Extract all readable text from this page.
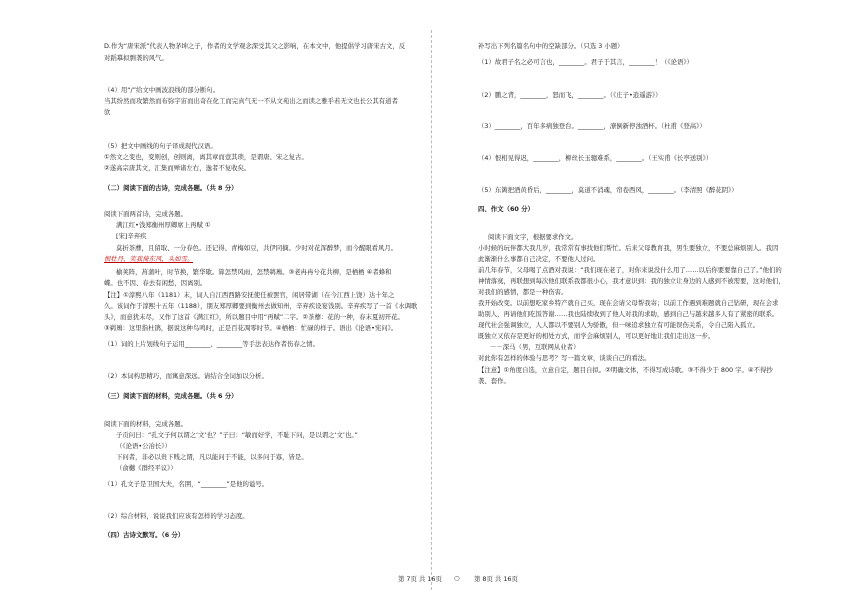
D.作为“唐宋派”代表人物茅坤之子，作者的文学观念深受其父之影响，在本文中，他提倡学习唐宋古文，反
对蹈摹拟剽袭的风气。
（4）用“/”给文中画波浪线的部分断句。
当其纷然而攻繁然而布弥宇宙而出奇在化工而完真气无一不从文苑出之而读之雅乎若无文也长公其有道者
欤
（5）把文中画线的句子译成现代汉语。
①然文之变也，变则创，创则离，离其章而壹其琐，是谓唐、宋之复古。
②遂高宗唐其文，汇集而殚诸左右，逸者不复收矣。
（二）阅读下面的古诗，完成各题。（共 8 分）
阅读下面两首诗，完成各题。
满江红•饯郑衡州厚卿席上再赋 ①
[宋]辛弃疾
莫折茶蘼，且留取、一分春色。还记得、青梅如豆，共伊同摘。少时对花浑醉梦，而今醒眼看风月。
恨牡丹，笑我倚东风，头如雪。
榆荚阵，菖蒲叶，时节换，繁华歇。算怎禁风雨，怎禁鹈鴂。③老冉冉兮花共柳，是栖栖 ④者蜂和
蝶。也不因、春去有闲愁，因离别。
【注】①淳熙八年（1181）末，词人自江西西路安抚使任被罢官，闲居带湖（在今江西上饶）达十年之
久。该词作于淳熙十五年（1188），朋友郑厚卿要到衡州去做知州，辛弃疾设宴饯别。辛弃疾写了一首《水调歌
头》，而意犹未尽，又作了这首《满江红》，所以题目中用“再赋”二字。②茶蘼：花的一种，春末夏初开花。
③鹈鴂：这里指杜鹃，据说这种鸟鸣时，正是百花凋零时节。④栖栖：忙碌的样子。语出《论语•宪问》。
（1）词的上片划线句子运用________、________等手法表达作者伤春之情。
（2）本词构思精巧，而寓意深远。请结合全词加以分析。
（三）阅读下面的材料，完成各题。（共 6 分）
阅读下面的材料，完成各题。
子贡问曰：“孔文子何以谓之‘文’也？”子曰：“敏而好学，不耻下问，是以谓之‘文’也。”
（《论语•公冶长》）
下问者，非必以贵下贱之谓，凡以能问于不能，以多问于寡，皆是。
（俞樾《群经平议》）
（1）孔文子是卫国大夫，名圉，“________”是他的谥号。
（2）综合材料，说说我们应该有怎样的学习态度。
（四）古诗文默写。（6 分）
补写出下列名篇名句中的空缺部分。（只选 3 小题）
（1）故君子名之必可言也，________。君子于其言，________！（《论语》）
（2）鹏之背，________，怒而飞，________。（《庄子•逍遥游》）
（3）________，百年多病独登台。________，潦倒新停浊酒杯。（杜甫《登高》）
（4）恨相见得迟，________，柳丝长玉骢难系，________。（王实甫《长亭送别》）
（5）东篱把酒黄昏后，________，莫道不消魂，帘卷西风，________。（李清照《醉花阴》）
四、作文（60 分）
阅读下面文字，根据要求作文。
小时候的玩伴都大我几岁，我常常有事找他们帮忙。后来父母教育我，男生要独立，不要总麻烦别人。我因
此渐渐什么事都自己决定，不要他人过问。
前几年春节，父母喝了点酒对我说：“我们现在老了，对你来说没什么用了……以后你要要靠自己了。”他们的
神情落寞，再联想到每次他们联系我都很小心，我才意识到：我的独立让身边的人感到不被需要，这对他们，
对我们的感情，都是一种伤害。
我开始改变。以前想吃家乡特产就自己买，现在会请父母帮我寄；以前工作遇到难题就自己钻研，现在会求
助别人，再请他们吃饭答谢……我也陆续收到了他人对我的求助，感到自己与越来越多人有了紧密的联系。
现代社会强调独立，人人都以不要别人为骄傲，但一味追求独立有可能误伤关系，令自己陷入孤立。
既独立又依存是更好的相处方式，而学会麻烦别人，可以更好地让我们走出这一步。
－－深马（男，互联网从业者）
对此你有怎样的体验与思考？写一篇文章，谈谈自己的看法。
【注意】①角度自选，立意自定，题目自拟。②明确文体，不得写成诗歌。③不得少于 800 字。④不得抄
袭、套作。
第 7页 共 16页 ○ 第 8页 共 16页
